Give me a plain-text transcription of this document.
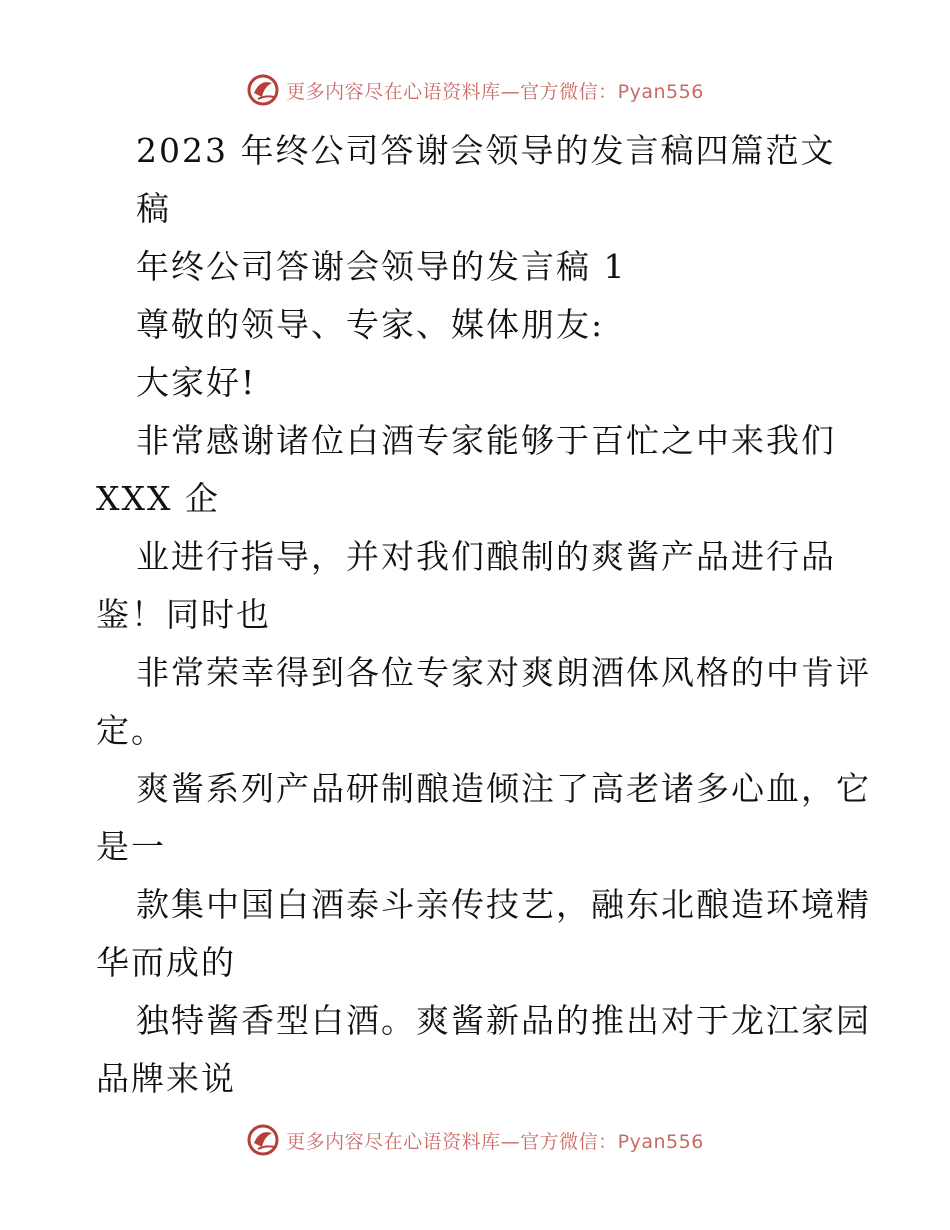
更多内容尽在心语资料库—官方微信：Pyan556
2023 年终公司答谢会领导的发言稿四篇范文
稿
年终公司答谢会领导的发言稿 1
尊敬的领导、专家、媒体朋友:
大家好!
非常感谢诸位白酒专家能够于百忙之中来我们
XXX 企
业进行指导，并对我们酿制的爽酱产品进行品
鉴！同时也
非常荣幸得到各位专家对爽朗酒体风格的中肯评
定。
爽酱系列产品研制酿造倾注了高老诸多心血，它
是一
款集中国白酒泰斗亲传技艺，融东北酿造环境精
华而成的
独特酱香型白酒。爽酱新品的推出对于龙江家园
品牌来说
更多内容尽在心语资料库—官方微信：Pyan556
